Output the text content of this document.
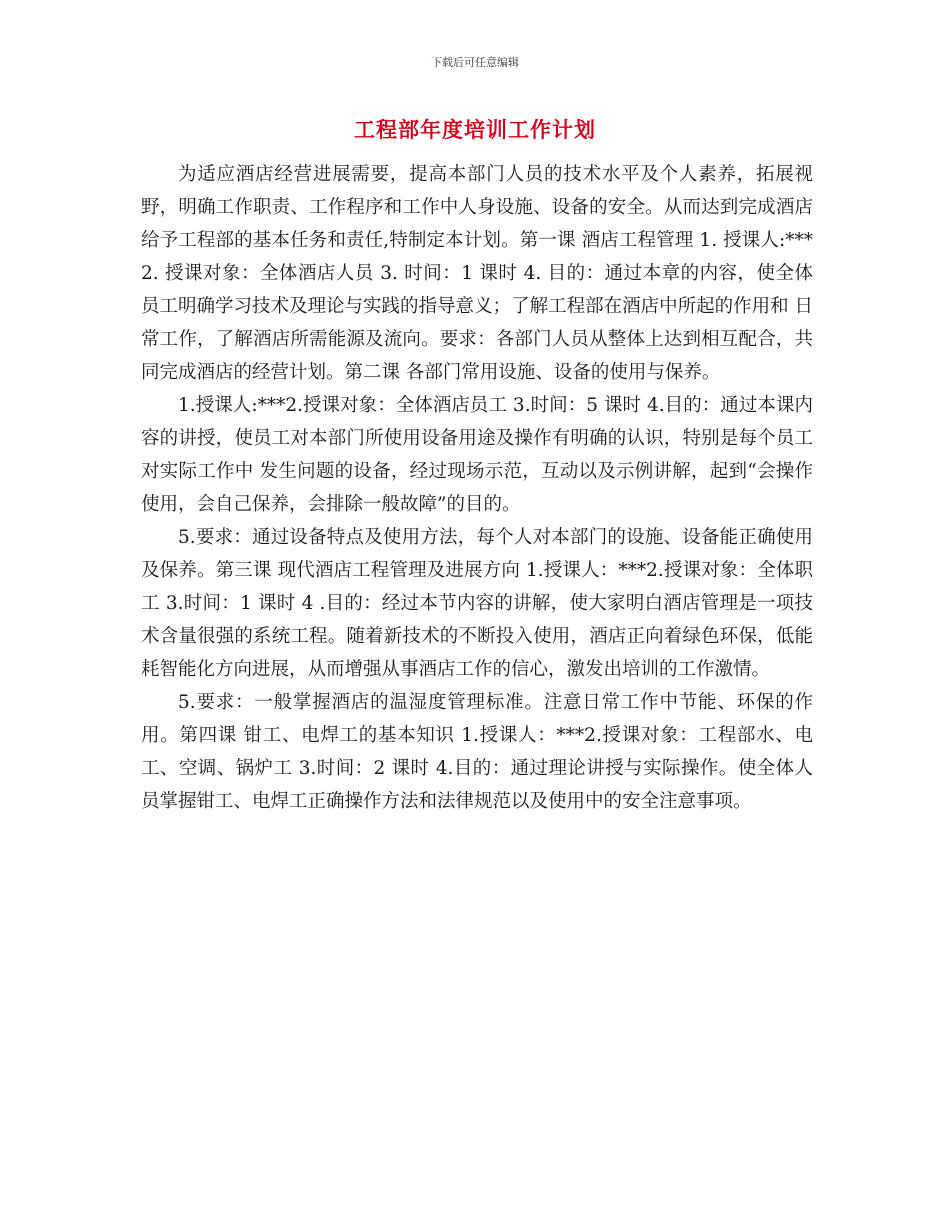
下载后可任意编辑
工程部年度培训工作计划

为适应酒店经营进展需要，提高本部门人员的技术水平及个人素养，拓展视野，明确工作职责、工作程序和工作中人身设施、设备的安全。从而达到完成酒店给予工程部的基本任务和责任,特制定本计划。第一课 酒店工程管理 1. 授课人:***2. 授课对象：全体酒店人员 3. 时间：1 课时 4. 目的：通过本章的内容，使全体员工明确学习技术及理论与实践的指导意义；了解工程部在酒店中所起的作用和 日常工作，了解酒店所需能源及流向。要求：各部门人员从整体上达到相互配合，共同完成酒店的经营计划。第二课 各部门常用设施、设备的使用与保养。

1.授课人:***2.授课对象：全体酒店员工 3.时间：5 课时 4.目的：通过本课内容的讲授，使员工对本部门所使用设备用途及操作有明确的认识，特别是每个员工对实际工作中 发生问题的设备，经过现场示范，互动以及示例讲解，起到“会操作使用，会自己保养，会排除一般故障”的目的。

5.要求：通过设备特点及使用方法，每个人对本部门的设施、设备能正确使用及保养。第三课 现代酒店工程管理及进展方向 1.授课人：***2.授课对象：全体职工 3.时间：1 课时 4 .目的：经过本节内容的讲解，使大家明白酒店管理是一项技术含量很强的系统工程。随着新技术的不断投入使用，酒店正向着绿色环保，低能耗智能化方向进展，从而增强从事酒店工作的信心，激发出培训的工作激情。

5.要求：一般掌握酒店的温湿度管理标准。注意日常工作中节能、环保的作用。第四课 钳工、电焊工的基本知识 1.授课人：***2.授课对象：工程部水、电工、空调、锅炉工 3.时间：2 课时 4.目的：通过理论讲授与实际操作。使全体人员掌握钳工、电焊工正确操作方法和法律规范以及使用中的安全注意事项。
